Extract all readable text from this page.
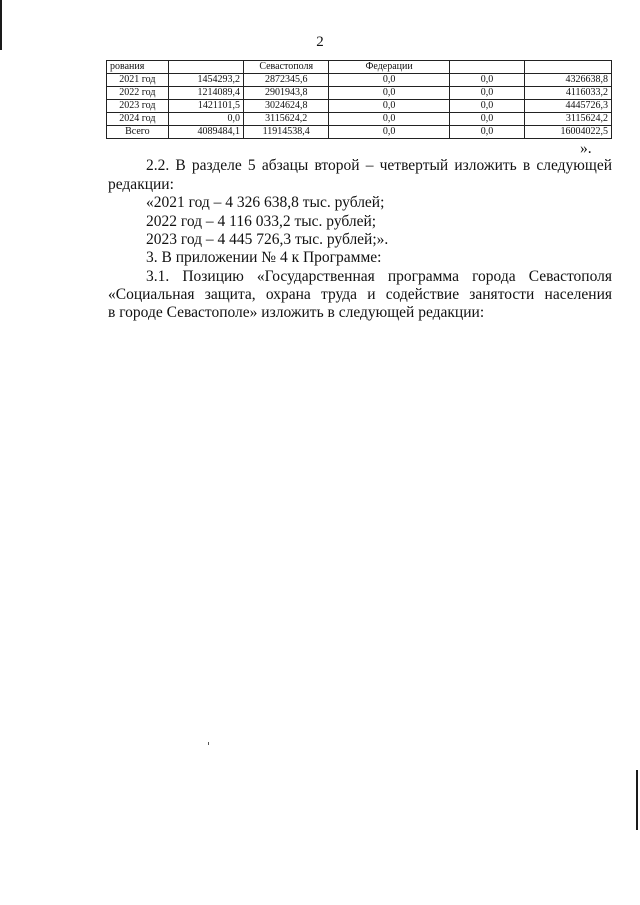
2
рования		Севастополя	Федерации		
2021 год	1454293,2	2872345,6	0,0	0,0	4326638,8
2022 год	1214089,4	2901943,8	0,0	0,0	4116033,2
2023 год	1421101,5	3024624,8	0,0	0,0	4445726,3
2024 год	0,0	3115624,2	0,0	0,0	3115624,2
Всего	4089484,1	11914538,4	0,0	0,0	16004022,5
».
2.2. В разделе 5 абзацы второй – четвертый изложить в следующей
редакции:
«2021 год – 4 326 638,8 тыс. рублей;
2022 год – 4 116 033,2 тыс. рублей;
2023 год – 4 445 726,3 тыс. рублей;».
3. В приложении № 4 к Программе:
3.1. Позицию «Государственная программа города Севастополя
«Социальная защита, охрана труда и содействие занятости населения
в городе Севастополе» изложить в следующей редакции:
